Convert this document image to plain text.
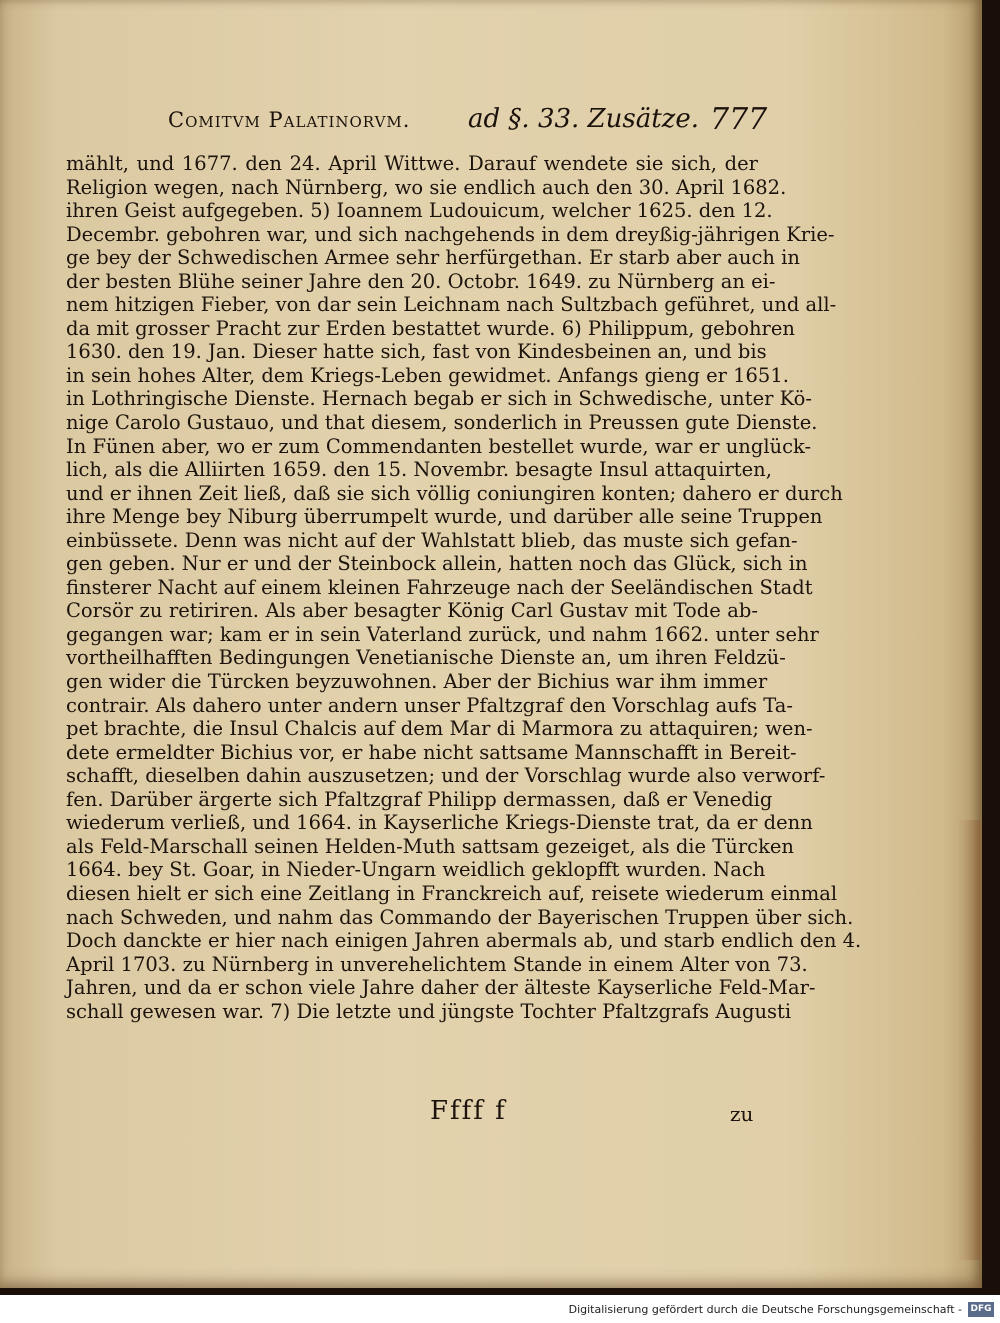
Comitvm Palatinorvm. ad §. 33. Zusätze. 777
mählt, und 1677. den 24. April Wittwe. Darauf wendete sie sich, der
Religion wegen, nach Nürnberg, wo sie endlich auch den 30. April 1682.
ihren Geist aufgegeben. 5) Ioannem Ludouicum, welcher 1625. den 12.
Decembr. gebohren war, und sich nachgehends in dem dreyßig-jährigen Krie-
ge bey der Schwedischen Armee sehr herfürgethan. Er starb aber auch in
der besten Blühe seiner Jahre den 20. Octobr. 1649. zu Nürnberg an ei-
nem hitzigen Fieber, von dar sein Leichnam nach Sultzbach geführet, und all-
da mit grosser Pracht zur Erden bestattet wurde. 6) Philippum, gebohren
1630. den 19. Jan. Dieser hatte sich, fast von Kindesbeinen an, und bis
in sein hohes Alter, dem Kriegs-Leben gewidmet. Anfangs gieng er 1651.
in Lothringische Dienste. Hernach begab er sich in Schwedische, unter Kö-
nige Carolo Gustauo, und that diesem, sonderlich in Preussen gute Dienste.
In Fünen aber, wo er zum Commendanten bestellet wurde, war er unglück-
lich, als die Alliirten 1659. den 15. Novembr. besagte Insul attaquirten,
und er ihnen Zeit ließ, daß sie sich völlig coniungiren konten; dahero er durch
ihre Menge bey Niburg überrumpelt wurde, und darüber alle seine Truppen
einbüssete. Denn was nicht auf der Wahlstatt blieb, das muste sich gefan-
gen geben. Nur er und der Steinbock allein, hatten noch das Glück, sich in
finsterer Nacht auf einem kleinen Fahrzeuge nach der Seeländischen Stadt
Corsör zu retiriren. Als aber besagter König Carl Gustav mit Tode ab-
gegangen war; kam er in sein Vaterland zurück, und nahm 1662. unter sehr
vortheilhafften Bedingungen Venetianische Dienste an, um ihren Feldzü-
gen wider die Türcken beyzuwohnen. Aber der Bichius war ihm immer
contrair. Als dahero unter andern unser Pfaltzgraf den Vorschlag aufs Ta-
pet brachte, die Insul Chalcis auf dem Mar di Marmora zu attaquiren; wen-
dete ermeldter Bichius vor, er habe nicht sattsame Mannschafft in Bereit-
schafft, dieselben dahin auszusetzen; und der Vorschlag wurde also verworf-
fen. Darüber ärgerte sich Pfaltzgraf Philipp dermassen, daß er Venedig
wiederum verließ, und 1664. in Kayserliche Kriegs-Dienste trat, da er denn
als Feld-Marschall seinen Helden-Muth sattsam gezeiget, als die Türcken
1664. bey St. Goar, in Nieder-Ungarn weidlich geklopfft wurden. Nach
diesen hielt er sich eine Zeitlang in Franckreich auf, reisete wiederum einmal
nach Schweden, und nahm das Commando der Bayerischen Truppen über sich.
Doch danckte er hier nach einigen Jahren abermals ab, und starb endlich den 4.
April 1703. zu Nürnberg in unverehelichtem Stande in einem Alter von 73.
Jahren, und da er schon viele Jahre daher der älteste Kayserliche Feld-Mar-
schall gewesen war. 7) Die letzte und jüngste Tochter Pfaltzgrafs Augusti
Ffff f	zu
Digitalisierung gefördert durch die Deutsche Forschungsgemeinschaft - DFG
